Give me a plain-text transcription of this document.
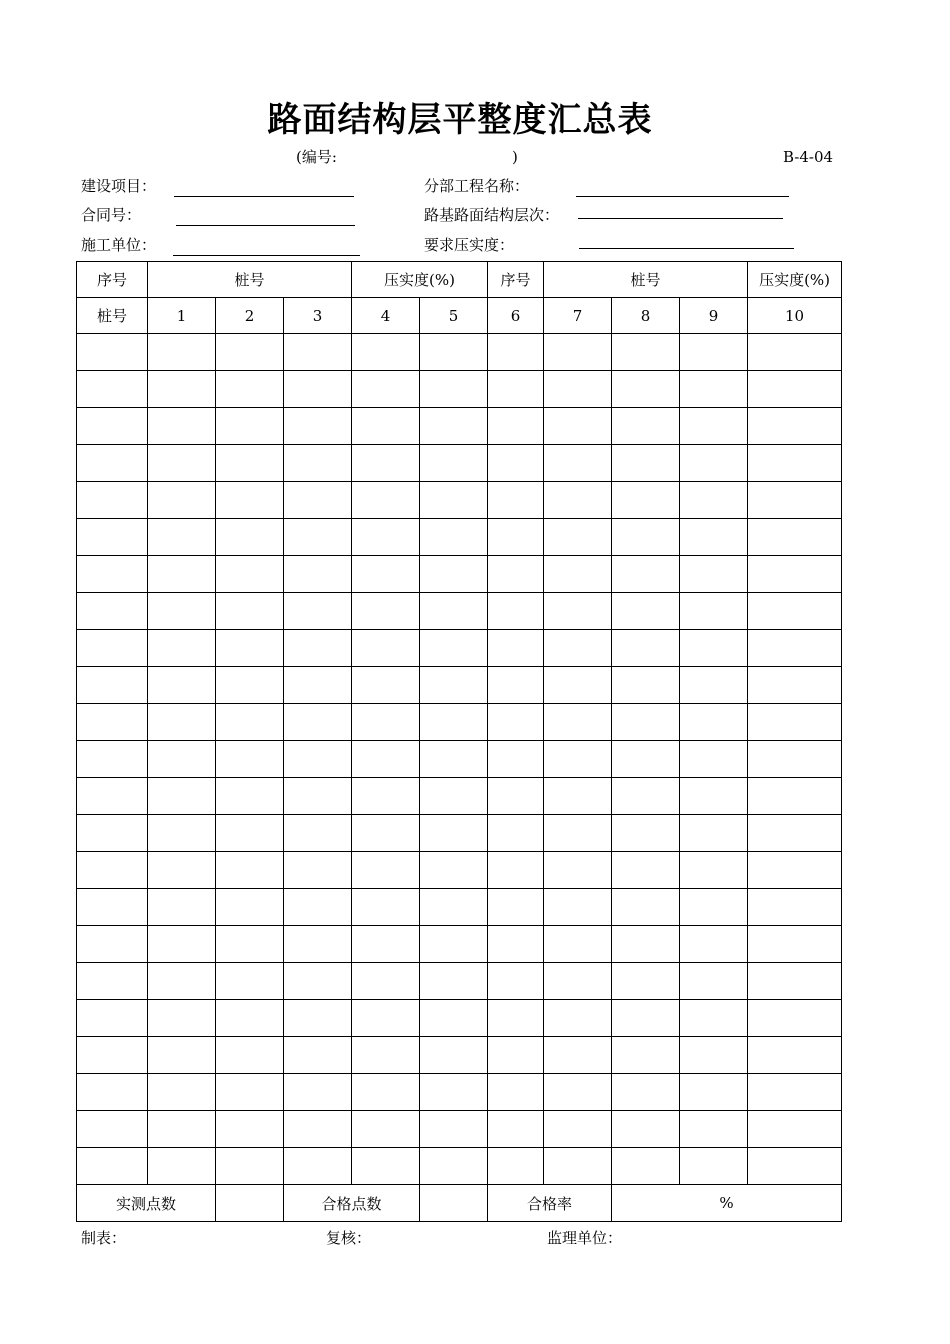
路面结构层平整度汇总表
(编号:	)	B-4-04
建设项目：	分部工程名称：
合同号：	路基路面结构层次：
施工单位：	要求压实度：
序号	桩号			压实度(%)		序号	桩号			压实度(%)
桩号	1	2	3	4	5	6	7	8	9	10

实测点数			合格点数			合格率		%		
制表：	复核：	监理单位：
